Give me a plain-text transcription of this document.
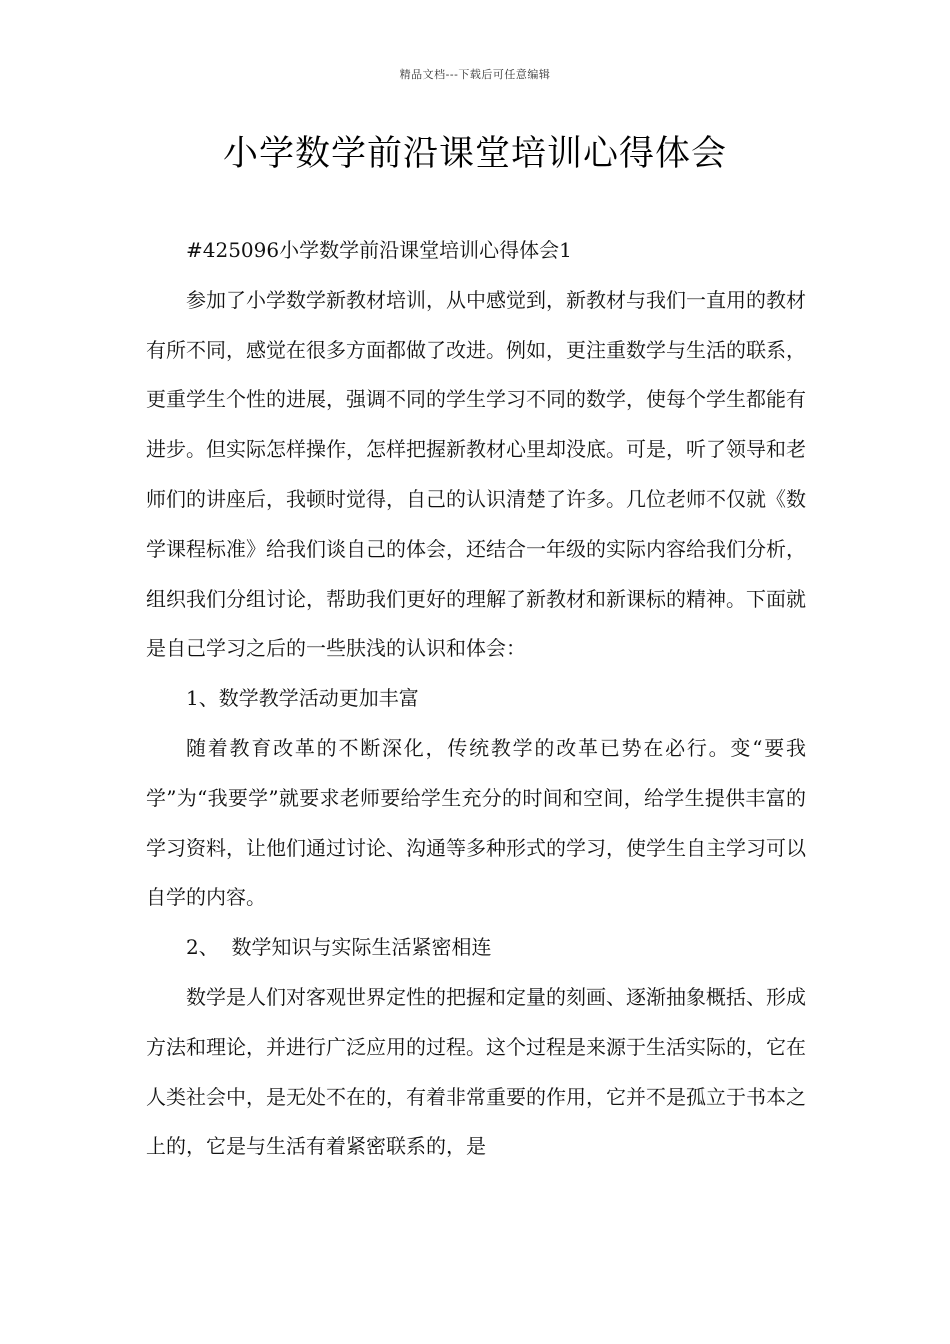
精品文档---下载后可任意编辑
小学数学前沿课堂培训心得体会

#425096小学数学前沿课堂培训心得体会1

参加了小学数学新教材培训，从中感觉到，新教材与我们一直用的教材有所不同，感觉在很多方面都做了改进。例如，更注重数学与生活的联系，更重学生个性的进展，强调不同的学生学习不同的数学，使每个学生都能有进步。但实际怎样操作，怎样把握新教材心里却没底。可是，听了领导和老师们的讲座后，我顿时觉得，自己的认识清楚了许多。几位老师不仅就《数学课程标准》给我们谈自己的体会，还结合一年级的实际内容给我们分析，组织我们分组讨论，帮助我们更好的理解了新教材和新课标的精神。下面就是自己学习之后的一些肤浅的认识和体会：

1、数学教学活动更加丰富

随着教育改革的不断深化，传统教学的改革已势在必行。变“要我学”为“我要学”就要求老师要给学生充分的时间和空间，给学生提供丰富的学习资料，让他们通过讨论、沟通等多种形式的学习，使学生自主学习可以自学的内容。

2、  数学知识与实际生活紧密相连

数学是人们对客观世界定性的把握和定量的刻画、逐渐抽象概括、形成方法和理论，并进行广泛应用的过程。这个过程是来源于生活实际的，它在人类社会中，是无处不在的，有着非常重要的作用，它并不是孤立于书本之上的，它是与生活有着紧密联系的，是
